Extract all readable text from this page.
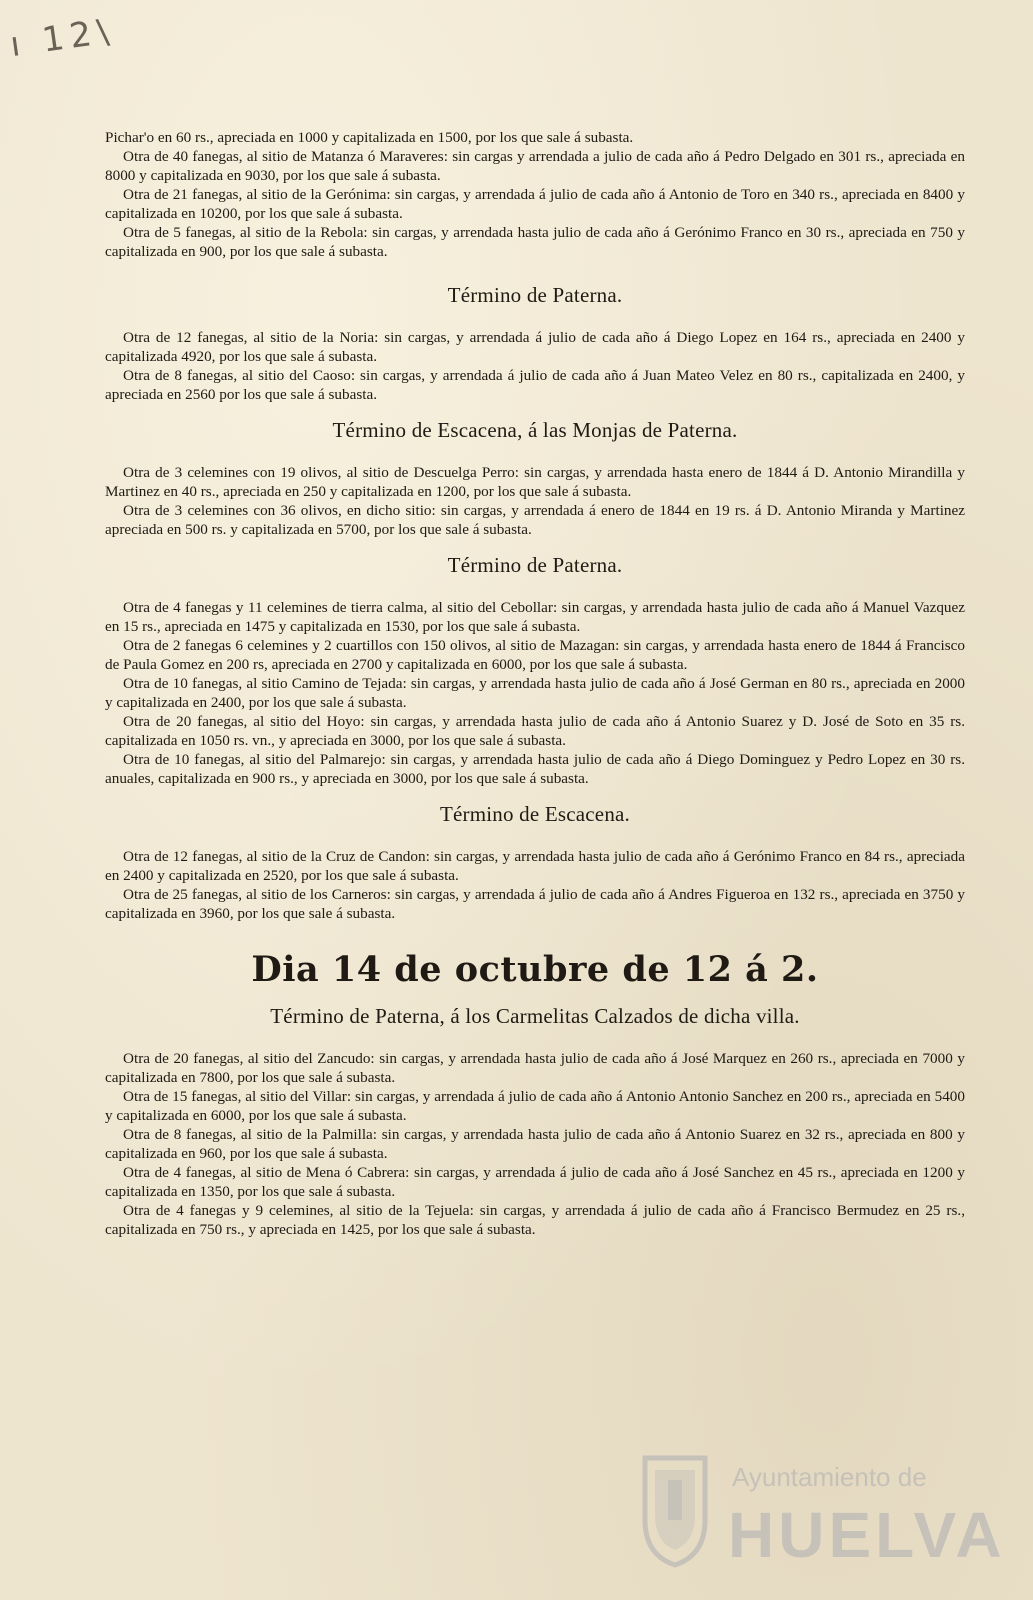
ı 12\

Pichar'o en 60 rs., apreciada en 1000 y capitalizada en 1500, por los que sale á subasta.

Otra de 40 fanegas, al sitio de Matanza ó Maraveres: sin cargas y arrendada a julio de cada año á Pedro Delgado en 301 rs., apreciada en 8000 y capitalizada en 9030, por los que sale á subasta.

Otra de 21 fanegas, al sitio de la Gerónima: sin cargas, y arrendada á julio de cada año á Antonio de Toro en 340 rs., apreciada en 8400 y capitalizada en 10200, por los que sale á subasta.

Otra de 5 fanegas, al sitio de la Rebola: sin cargas, y arrendada hasta julio de cada año á Gerónimo Franco en 30 rs., apreciada en 750 y capitalizada en 900, por los que sale á subasta.

Término de Paterna.

Otra de 12 fanegas, al sitio de la Noria: sin cargas, y arrendada á julio de cada año á Diego Lopez en 164 rs., apreciada en 2400 y capitalizada 4920, por los que sale á subasta.

Otra de 8 fanegas, al sitio del Caoso: sin cargas, y arrendada á julio de cada año á Juan Mateo Velez en 80 rs., capitalizada en 2400, y apreciada en 2560 por los que sale á subasta.

Término de Escacena, á las Monjas de Paterna.

Otra de 3 celemines con 19 olivos, al sitio de Descuelga Perro: sin cargas, y arrendada hasta enero de 1844 á D. Antonio Mirandilla y Martinez en 40 rs., apreciada en 250 y capitalizada en 1200, por los que sale á subasta.

Otra de 3 celemines con 36 olivos, en dicho sitio: sin cargas, y arrendada á enero de 1844 en 19 rs. á D. Antonio Miranda y Martinez apreciada en 500 rs. y capitalizada en 5700, por los que sale á subasta.

Término de Paterna.

Otra de 4 fanegas y 11 celemines de tierra calma, al sitio del Cebollar: sin cargas, y arrendada hasta julio de cada año á Manuel Vazquez en 15 rs., apreciada en 1475 y capitalizada en 1530, por los que sale á subasta.

Otra de 2 fanegas 6 celemines y 2 cuartillos con 150 olivos, al sitio de Mazagan: sin cargas, y arrendada hasta enero de 1844 á Francisco de Paula Gomez en 200 rs, apreciada en 2700 y capitalizada en 6000, por los que sale á subasta.

Otra de 10 fanegas, al sitio Camino de Tejada: sin cargas, y arrendada hasta julio de cada año á José German en 80 rs., apreciada en 2000 y capitalizada en 2400, por los que sale á subasta.

Otra de 20 fanegas, al sitio del Hoyo: sin cargas, y arrendada hasta julio de cada año á Antonio Suarez y D. José de Soto en 35 rs. capitalizada en 1050 rs. vn., y apreciada en 3000, por los que sale á subasta.

Otra de 10 fanegas, al sitio del Palmarejo: sin cargas, y arrendada hasta julio de cada año á Diego Dominguez y Pedro Lopez en 30 rs. anuales, capitalizada en 900 rs., y apreciada en 3000, por los que sale á subasta.

Término de Escacena.

Otra de 12 fanegas, al sitio de la Cruz de Candon: sin cargas, y arrendada hasta julio de cada año á Gerónimo Franco en 84 rs., apreciada en 2400 y capitalizada en 2520, por los que sale á subasta.

Otra de 25 fanegas, al sitio de los Carneros: sin cargas, y arrendada á julio de cada año á Andres Figueroa en 132 rs., apreciada en 3750 y capitalizada en 3960, por los que sale á subasta.

Dia 14 de octubre de 12 á 2.
Término de Paterna, á los Carmelitas Calzados de dicha villa.

Otra de 20 fanegas, al sitio del Zancudo: sin cargas, y arrendada hasta julio de cada año á José Marquez en 260 rs., apreciada en 7000 y capitalizada en 7800, por los que sale á subasta.

Otra de 15 fanegas, al sitio del Villar: sin cargas, y arrendada á julio de cada año á Antonio Antonio Sanchez en 200 rs., apreciada en 5400 y capitalizada en 6000, por los que sale á subasta.

Otra de 8 fanegas, al sitio de la Palmilla: sin cargas, y arrendada hasta julio de cada año á Antonio Suarez en 32 rs., apreciada en 800 y capitalizada en 960, por los que sale á subasta.

Otra de 4 fanegas, al sitio de Mena ó Cabrera: sin cargas, y arrendada á julio de cada año á José Sanchez en 45 rs., apreciada en 1200 y capitalizada en 1350, por los que sale á subasta.

Otra de 4 fanegas y 9 celemines, al sitio de la Tejuela: sin cargas, y arrendada á julio de cada año á Francisco Bermudez en 25 rs., capitalizada en 750 rs., y apreciada en 1425, por los que sale á subasta.

Ayuntamiento de
HUELVA
